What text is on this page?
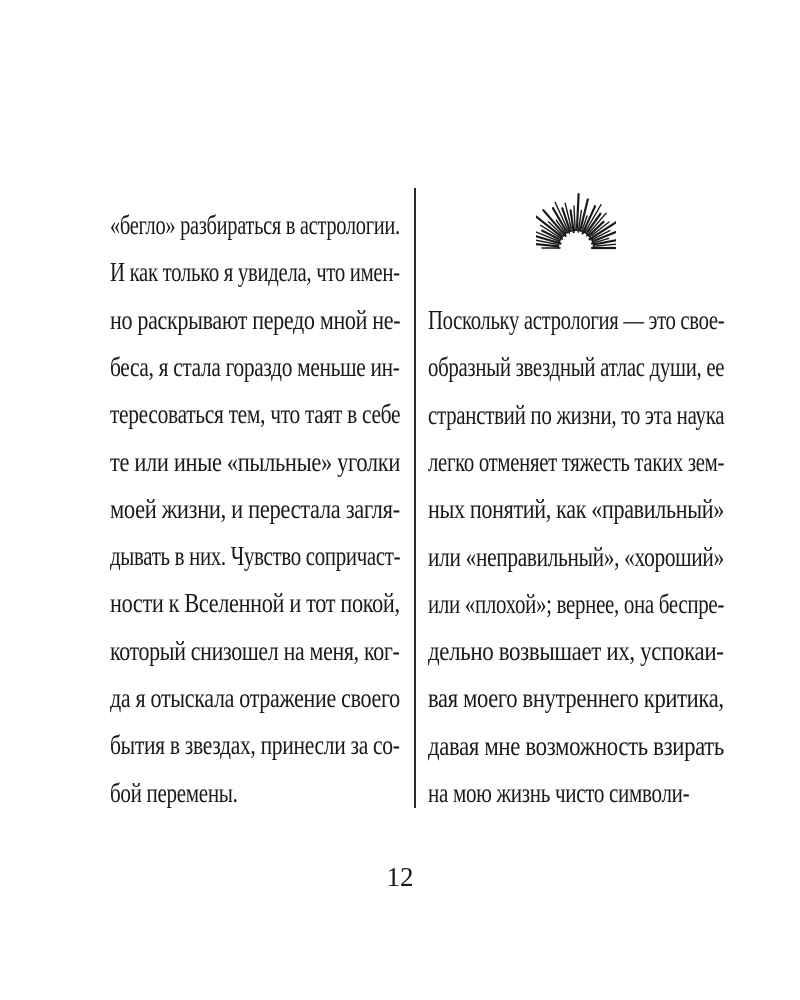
«бегло» разбираться в астрологии.
И как только я увидела, что имен-
но раскрывают передо мной не-
беса, я стала гораздо меньше ин-
тересоваться тем, что таят в себе
те или иные «пыльные» уголки
моей жизни, и перестала загля-
дывать в них. Чувство сопричаст-
ности к Вселенной и тот покой,
который снизошел на меня, ког-
да я отыскала отражение своего
бытия в звездах, принесли за со-
бой перемены.
Поскольку астрология — это свое-
образный звездный атлас души, ее
странствий по жизни, то эта наука
легко отменяет тяжесть таких зем-
ных понятий, как «правильный»
или «неправильный», «хороший»
или «плохой»; вернее, она беспре-
дельно возвышает их, успокаи-
вая моего внутреннего критика,
давая мне возможность взирать
на мою жизнь чисто символи-
12
